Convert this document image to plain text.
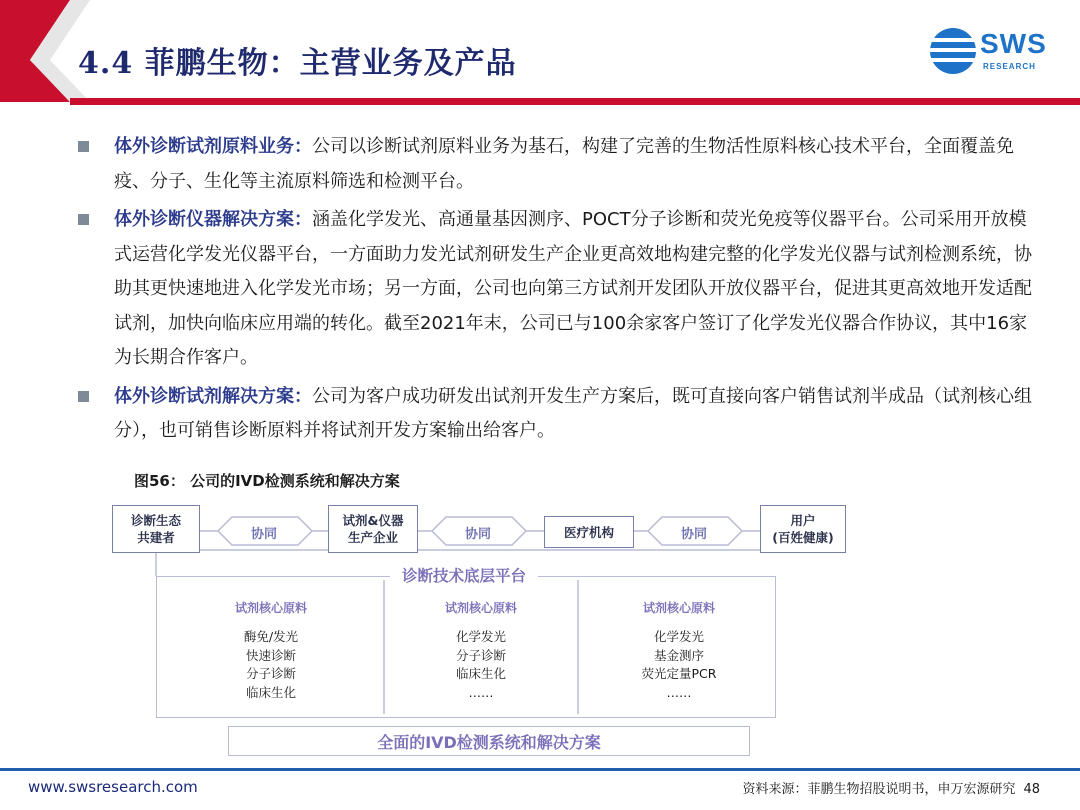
4.4 菲鹏生物：主营业务及产品
SWS
RESEARCH
体外诊断试剂原料业务：公司以诊断试剂原料业务为基石，构建了完善的生物活性原料核心技术平台，全面覆盖免疫、分子、生化等主流原料筛选和检测平台。
体外诊断仪器解决方案：涵盖化学发光、高通量基因测序、POCT分子诊断和荧光免疫等仪器平台。公司采用开放模式运营化学发光仪器平台，一方面助力发光试剂研发生产企业更高效地构建完整的化学发光仪器与试剂检测系统，协助其更快速地进入化学发光市场；另一方面，公司也向第三方试剂开发团队开放仪器平台，促进其更高效地开发适配试剂，加快向临床应用端的转化。截至2021年末，公司已与100余家客户签订了化学发光仪器合作协议，其中16家为长期合作客户。
体外诊断试剂解决方案：公司为客户成功研发出试剂开发生产方案后，既可直接向客户销售试剂半成品（试剂核心组分），也可销售诊断原料并将试剂开发方案输出给客户。
图56： 公司的IVD检测系统和解决方案
诊断生态
共建者
试剂&仪器
生产企业	医疗机构
用户
(百姓健康)
协同	协同	协同
诊断技术底层平台
试剂核心原料
酶免/发光
快速诊断
分子诊断
临床生化
试剂核心原料
化学发光
分子诊断
临床生化
……
试剂核心原料
化学发光
基金测序
荧光定量PCR
……
全面的IVD检测系统和解决方案
www.swsresearch.com	资料来源：菲鹏生物招股说明书，申万宏源研究 48
